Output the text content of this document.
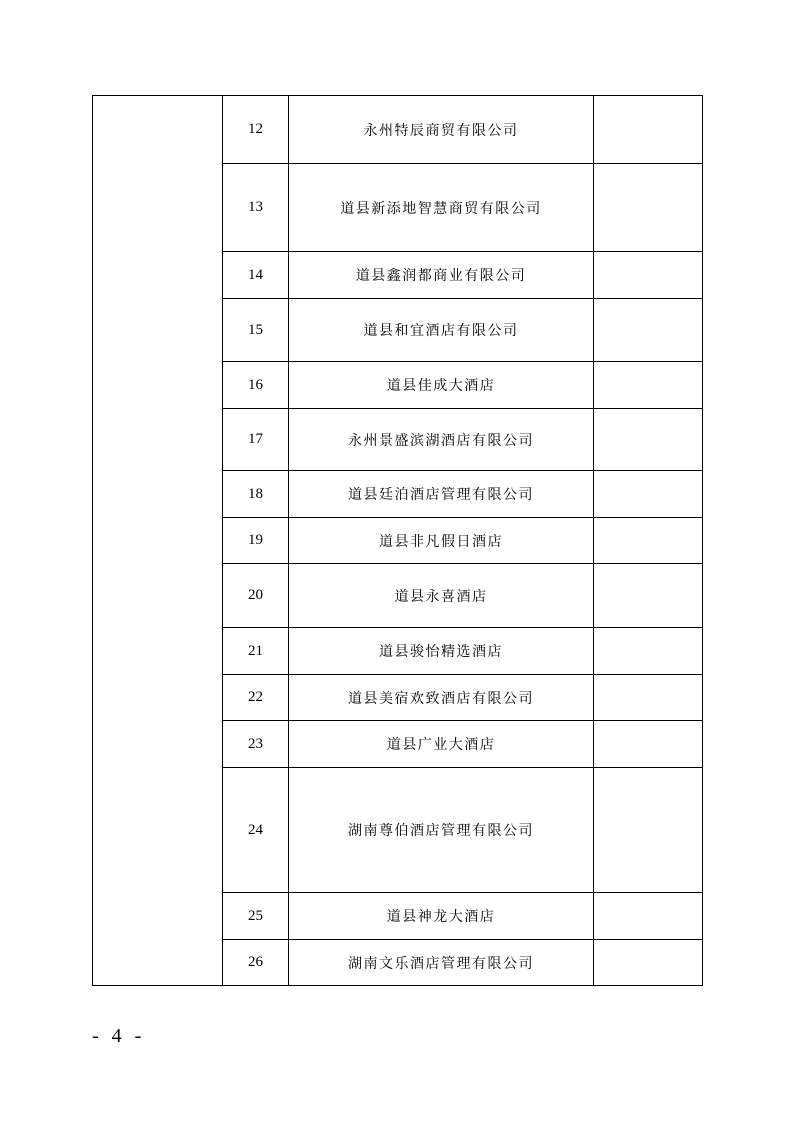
	12	永州特辰商贸有限公司	
	13	道县新添地智慧商贸有限公司	
	14	道县鑫润都商业有限公司	
	15	道县和宜酒店有限公司	
	16	道县佳成大酒店	
	17	永州景盛滨湖酒店有限公司	
	18	道县廷泊酒店管理有限公司	
	19	道县非凡假日酒店	
	20	道县永喜酒店	
	21	道县骏怡精选酒店	
	22	道县美宿欢致酒店有限公司	
	23	道县广业大酒店	
	24	湖南尊伯酒店管理有限公司	
	25	道县神龙大酒店	
	26	湖南文乐酒店管理有限公司	
- 4 -
